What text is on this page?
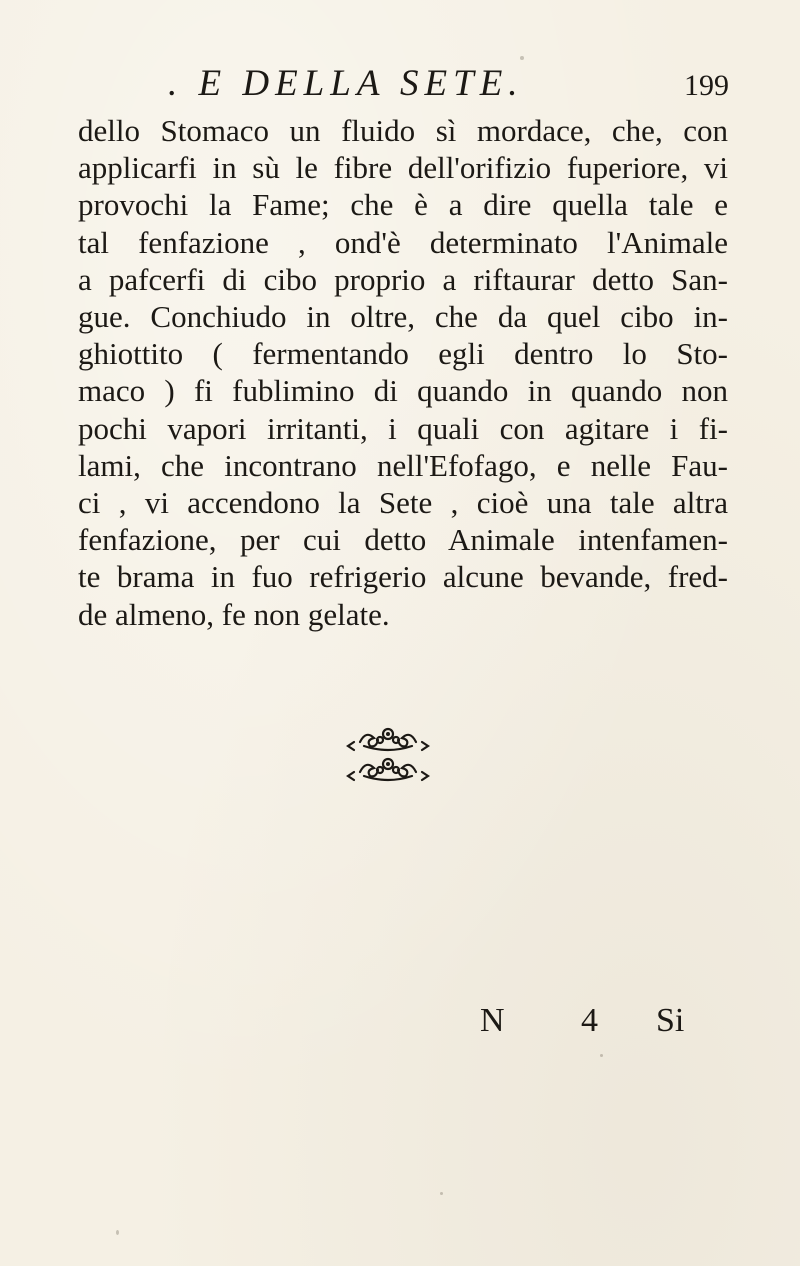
. E DELLA SETE.	199
dello Stomaco un fluido sì mordace, che, con
applicarfi in sù le fibre dell'orifizio fuperiore, vi
provochi la Fame; che è a dire quella tale e
tal fenfazione , ond'è determinato l'Animale
a pafcerfi di cibo proprio a riftaurar detto San-
gue. Conchiudo in oltre, che da quel cibo in-
ghiottito ( fermentando egli dentro lo Sto-
maco ) fi fublimino di quando in quando non
pochi vapori irritanti, i quali con agitare i fi-
lami, che incontrano nell'Efofago, e nelle Fau-
ci , vi accendono la Sete , cioè una tale altra
fenfazione, per cui detto Animale intenfamen-
te brama in fuo refrigerio alcune bevande, fred-
de almeno, fe non gelate.
N 4 Si
